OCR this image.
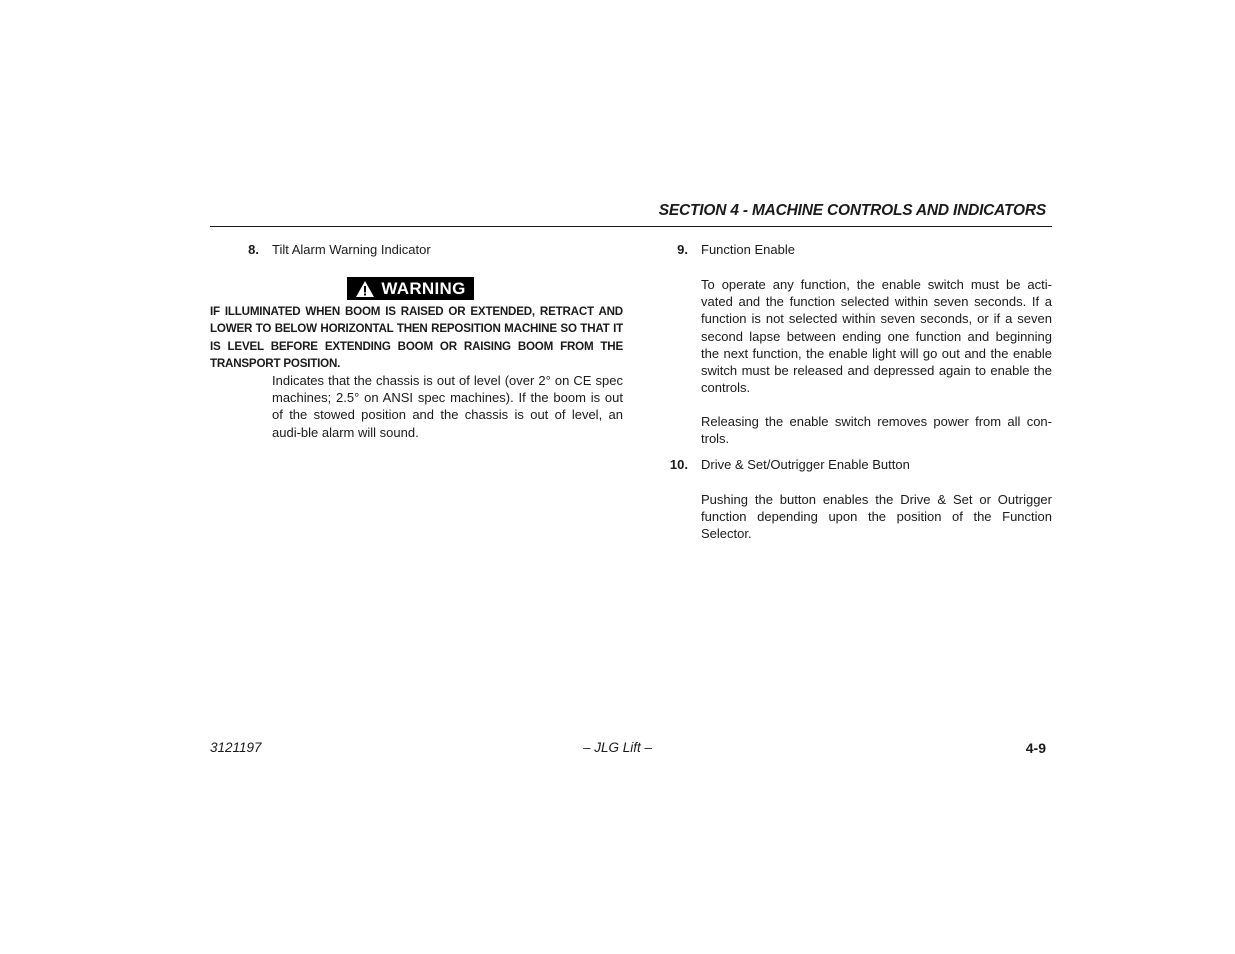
SECTION 4 - MACHINE CONTROLS AND INDICATORS
8. Tilt Alarm Warning Indicator
WARNING

IF ILLUMINATED WHEN BOOM IS RAISED OR EXTENDED, RETRACT AND LOWER TO BELOW HORIZONTAL THEN REPOSITION MACHINE SO THAT IT IS LEVEL BEFORE EXTENDING BOOM OR RAISING BOOM FROM THE TRANSPORT POSITION.

Indicates that the chassis is out of level (over 2° on CE spec machines; 2.5° on ANSI spec machines). If the boom is out of the stowed position and the chassis is out of level, an audi-ble alarm will sound.

9. Function Enable

To operate any function, the enable switch must be acti-vated and the function selected within seven seconds. If a function is not selected within seven seconds, or if a seven second lapse between ending one function and beginning the next function, the enable light will go out and the enable switch must be released and depressed again to enable the controls.

Releasing the enable switch removes power from all con-trols.

10. Drive & Set/Outrigger Enable Button

Pushing the button enables the Drive & Set or Outrigger function depending upon the position of the Function Selector.

3121197	– JLG Lift –	4-9
